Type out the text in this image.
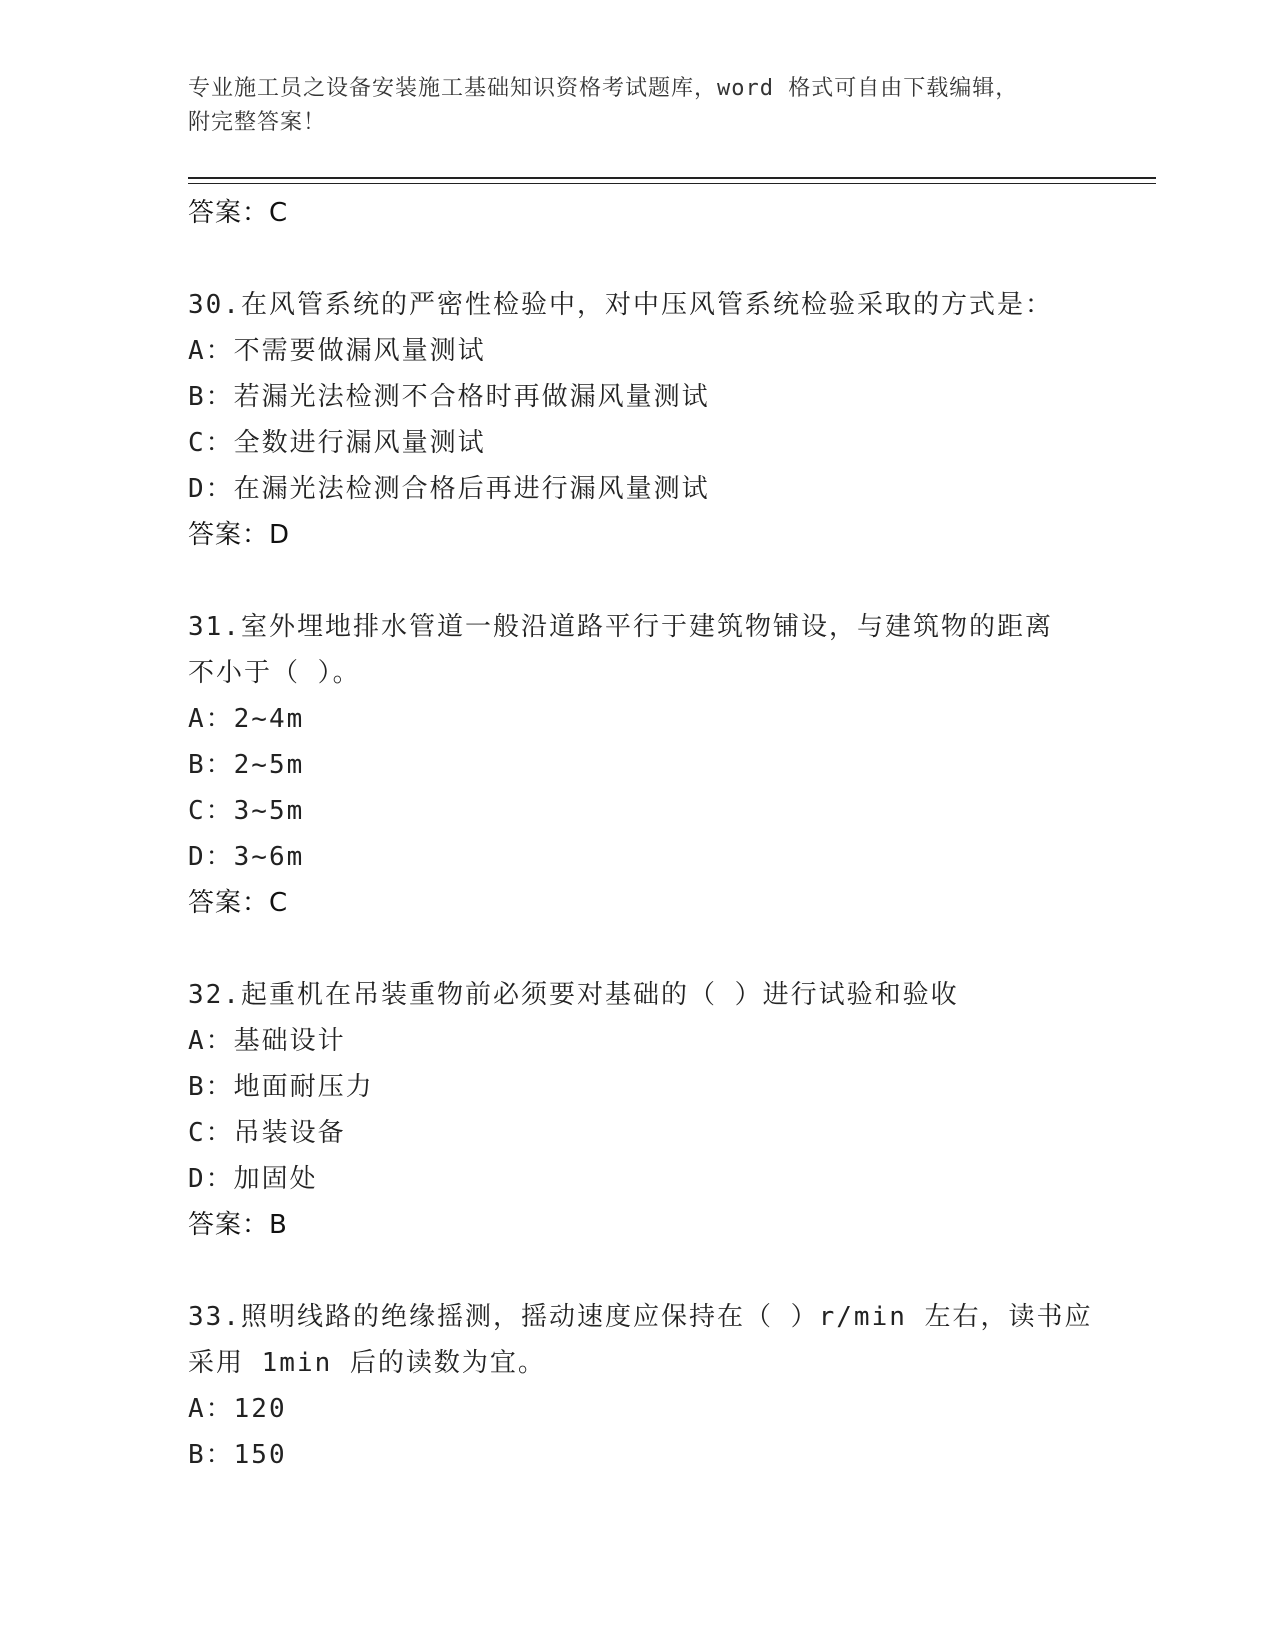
专业施工员之设备安装施工基础知识资格考试题库，word 格式可自由下载编辑，
附完整答案！
答案：C
30.在风管系统的严密性检验中，对中压风管系统检验采取的方式是：
A：不需要做漏风量测试
B：若漏光法检测不合格时再做漏风量测试
C：全数进行漏风量测试
D：在漏光法检测合格后再进行漏风量测试
答案：D
31.室外埋地排水管道一般沿道路平行于建筑物铺设，与建筑物的距离
不小于（ ）。
A：2~4m
B：2~5m
C：3~5m
D：3~6m
答案：C
32.起重机在吊装重物前必须要对基础的（ ）进行试验和验收
A：基础设计
B：地面耐压力
C：吊装设备
D：加固处
答案：B
33.照明线路的绝缘摇测，摇动速度应保持在（ ）r/min 左右，读书应
采用 1min 后的读数为宜。
A：120
B：150
